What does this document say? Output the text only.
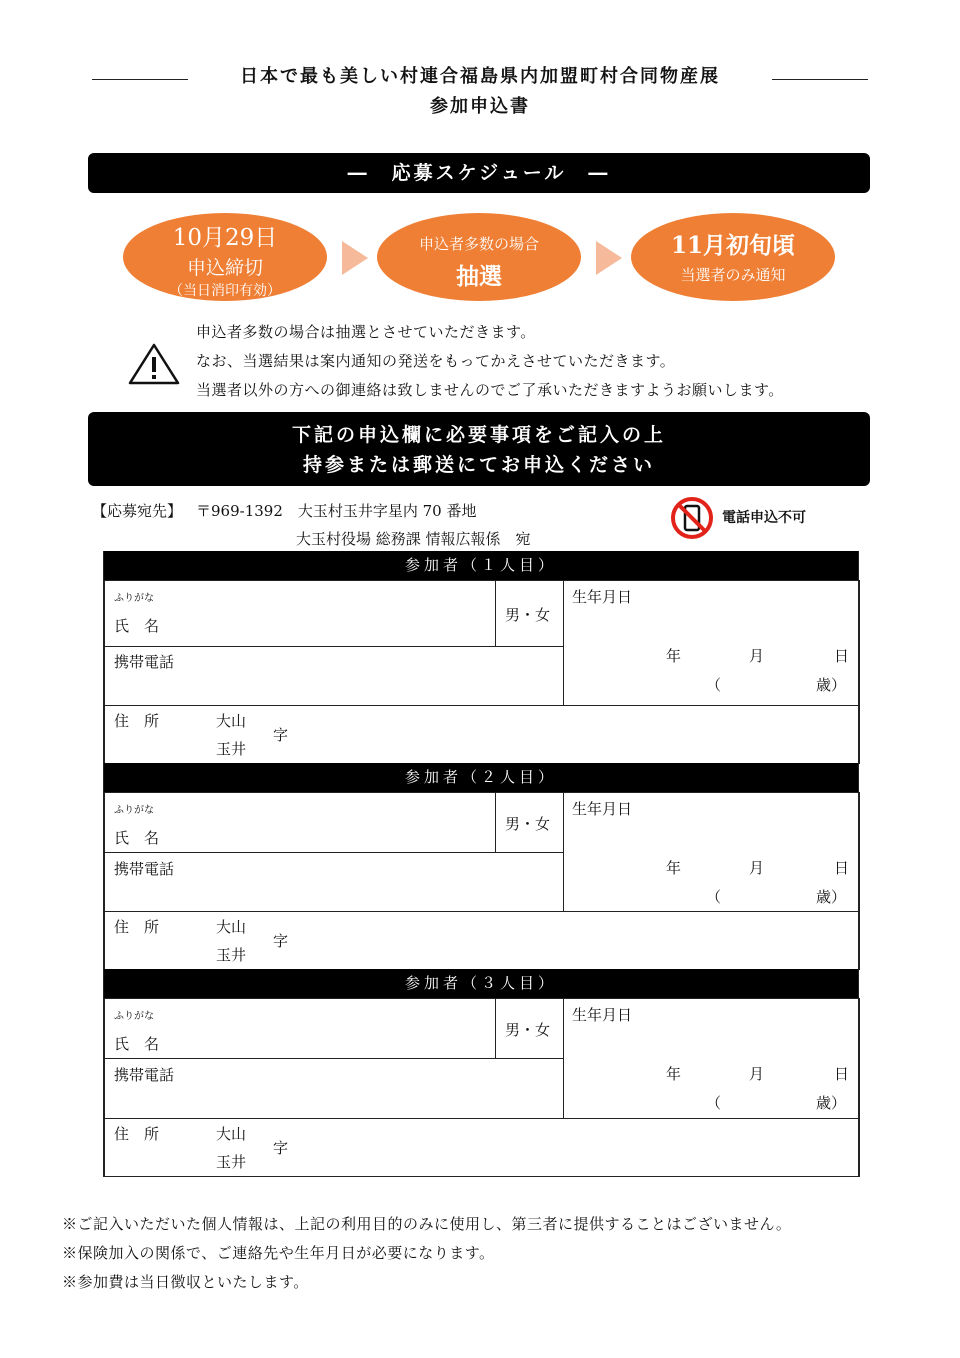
日本で最も美しい村連合福島県内加盟町村合同物産展
参加申込書
―　応募スケジュール　―
10月29日
申込締切
（当日消印有効）
申込者多数の場合
抽選
11月初旬頃
当選者のみ通知
申込者多数の場合は抽選とさせていただきます。
なお、当選結果は案内通知の発送をもってかえさせていただきます。
当選者以外の方への御連絡は致しませんのでご了承いただきますようお願いします。
下記の申込欄に必要事項をご記入の上
持参または郵送にてお申込ください
【応募宛先】 〒969-1392　大玉村玉井字星内 70 番地
大玉村役場 総務課 情報広報係　宛
電話申込不可
参加者（１人目）
ふりがな
氏　名
男・女
生年月日
年	月	日
（	歳）
携帯電話
住　所	大山
玉井
字
参加者（２人目）
ふりがな
氏　名
男・女
生年月日
年	月	日
（	歳）
携帯電話
住　所	大山
玉井
字
参加者（３人目）
ふりがな
氏　名
男・女
生年月日
年	月	日
（	歳）
携帯電話
住　所	大山
玉井
字
※ご記入いただいた個人情報は、上記の利用目的のみに使用し、第三者に提供することはございません。
※保険加入の関係で、ご連絡先や生年月日が必要になります。
※参加費は当日徴収といたします。
